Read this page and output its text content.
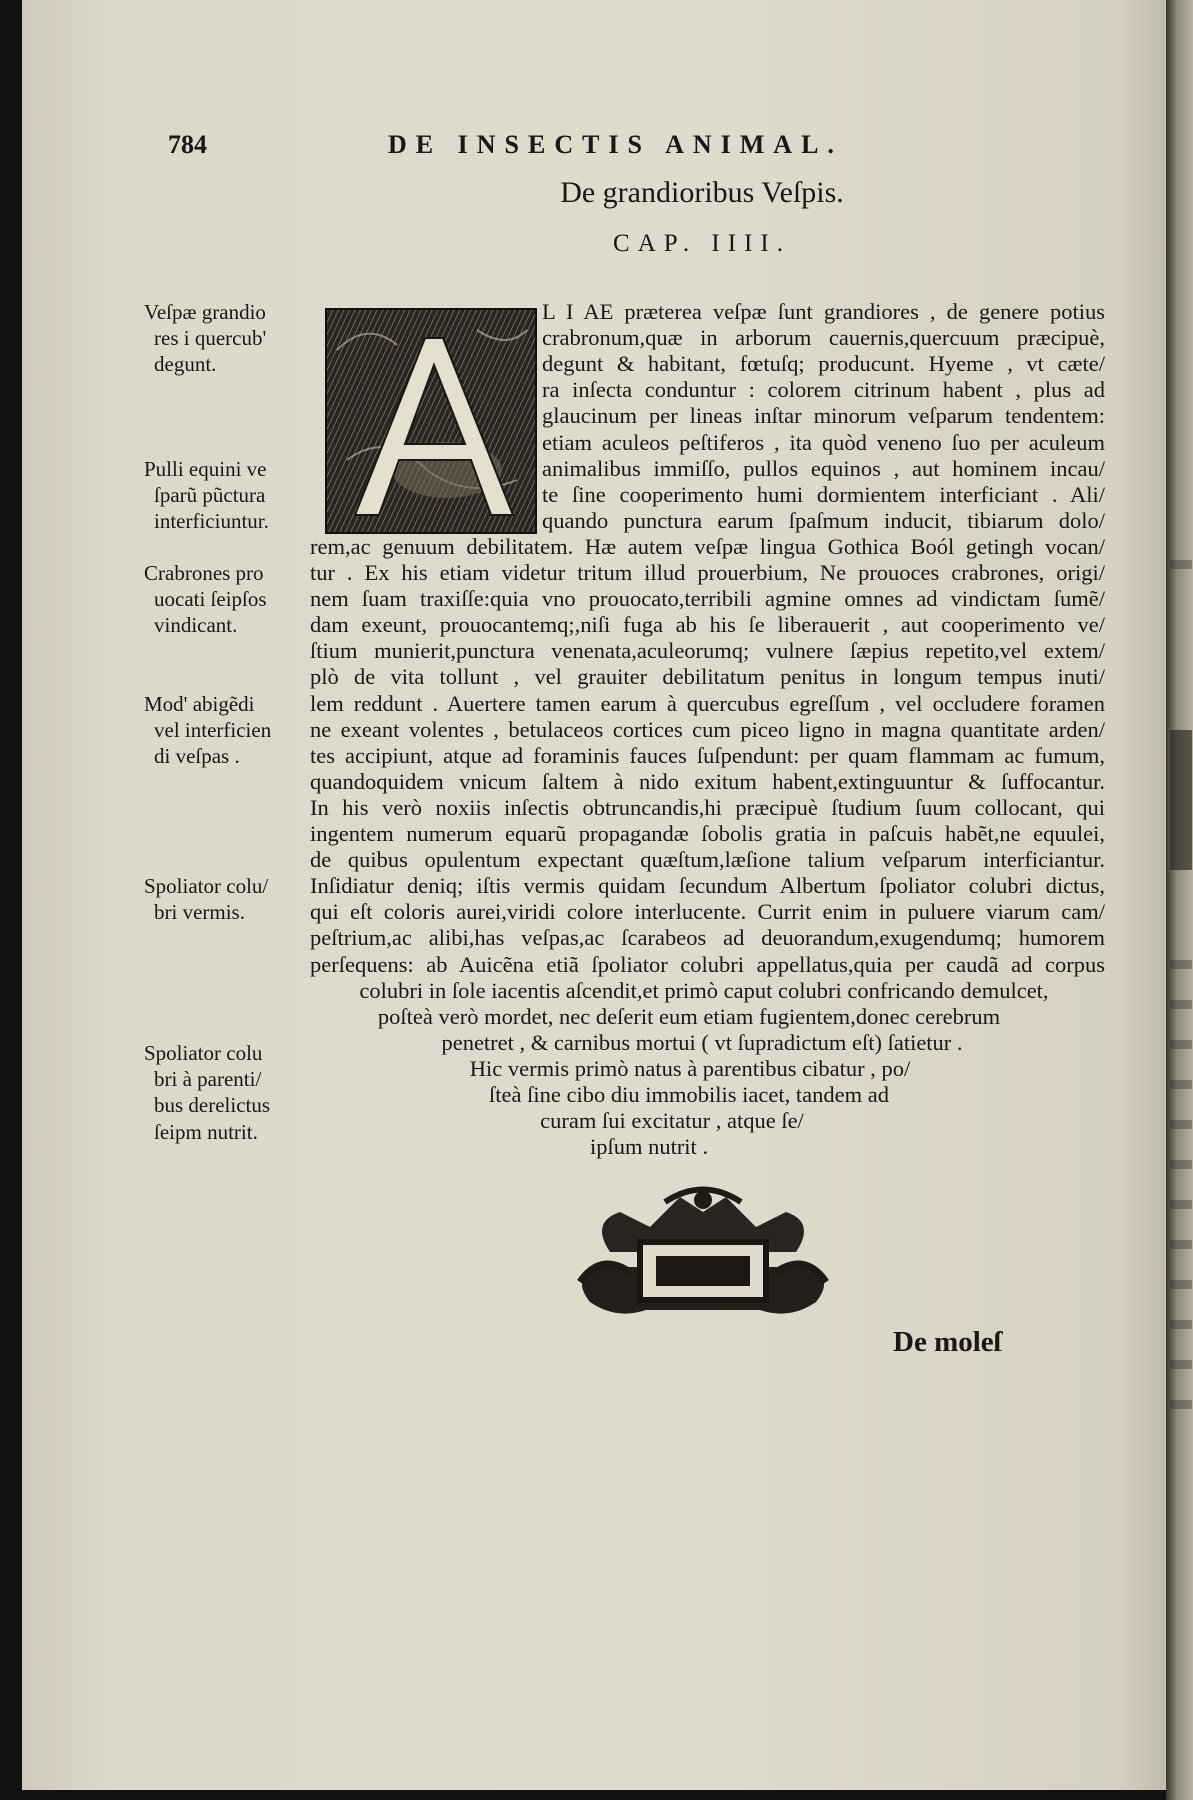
784	DE INSECTIS ANIMAL.
De grandioribus Veſpis.
CAP. IIII.
L I AE præterea veſpæ ſunt grandiores , de genere potius
crabronum,quæ in arborum cauernis,quercuum præcipuè,
degunt & habitant, fœtuſq; producunt. Hyeme , vt cæte/
ra inſecta conduntur : colorem citrinum habent , plus ad
glaucinum per lineas inſtar minorum veſparum tendentem:
etiam aculeos peſtiferos , ita quòd veneno ſuo per aculeum
animalibus immiſſo, pullos equinos , aut hominem incau/
te ſine cooperimento humi dormientem interficiant . Ali/
quando punctura earum ſpaſmum inducit, tibiarum dolo/
rem,ac genuum debilitatem. Hæ autem veſpæ lingua Gothica Boól getingh vocan/
tur . Ex his etiam videtur tritum illud prouerbium, Ne prouoces crabrones, origi/
nem ſuam traxiſſe:quia vno prouocato,terribili agmine omnes ad vindictam ſumẽ/
dam exeunt, prouocantemq;,niſi fuga ab his ſe liberauerit , aut cooperimento ve/
ſtium munierit,punctura venenata,aculeorumq; vulnere ſæpius repetito,vel extem/
plò de vita tollunt , vel grauiter debilitatum penitus in longum tempus inuti/
lem reddunt . Auertere tamen earum à quercubus egreſſum , vel occludere foramen
ne exeant volentes , betulaceos cortices cum piceo ligno in magna quantitate arden/
tes accipiunt, atque ad foraminis fauces ſuſpendunt: per quam flammam ac fumum,
quandoquidem vnicum ſaltem à nido exitum habent,extinguuntur & ſuffocantur.
In his verò noxiis inſectis obtruncandis,hi præcipuè ſtudium ſuum collocant, qui
ingentem numerum equarũ propagandæ ſobolis gratia in paſcuis habẽt,ne equulei,
de quibus opulentum expectant quæſtum,læſione talium veſparum interficiantur.
Inſidiatur deniq; iſtis vermis quidam ſecundum Albertum ſpoliator colubri dictus,
qui eſt coloris aurei,viridi colore interlucente. Currit enim in puluere viarum cam/
peſtrium,ac alibi,has veſpas,ac ſcarabeos ad deuorandum,exugendumq; humorem
perſequens: ab Auicẽna etiã ſpoliator colubri appellatus,quia per caudã ad corpus
colubri in ſole iacentis aſcendit,et primò caput colubri confricando demulcet,
poſteà verò mordet, nec deſerit eum etiam fugientem,donec cerebrum
penetret , & carnibus mortui ( vt ſupradictum eſt) ſatietur .
Hic vermis primò natus à parentibus cibatur , po/
ſteà ſine cibo diu immobilis iacet, tandem ad
curam ſui excitatur , atque ſe/
ipſum nutrit .
Veſpæ grandio
res i quercub'
degunt.
Pulli equini ve
ſparũ pũctura
interficiuntur.
Crabrones pro
uocati ſeipſos
vindicant.
Mod' abigẽdi
vel interficien
di veſpas .
Spoliator colu/
bri vermis.
Spoliator colu
bri à parenti/
bus derelictus
ſeipm nutrit.
De moleſ
